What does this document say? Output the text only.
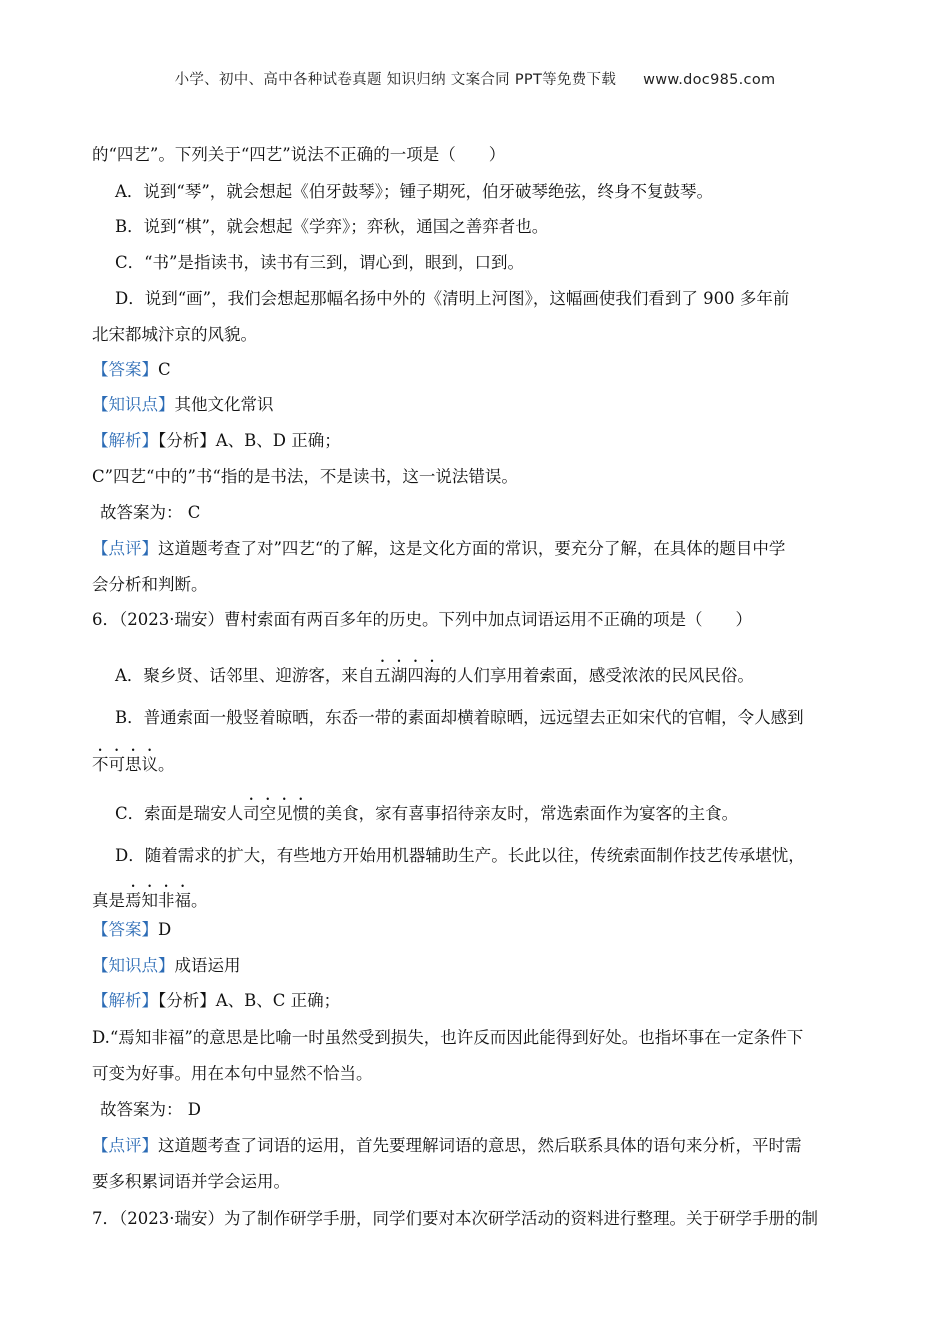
小学、初中、高中各种试卷真题 知识归纳 文案合同 PPT等免费下载 www.doc985.com
的“四艺”。下列关于“四艺”说法不正确的一项是（　　）
A．说到“琴”，就会想起《伯牙鼓琴》；锺子期死，伯牙破琴绝弦，终身不复鼓琴。
B．说到“棋”，就会想起《学弈》；弈秋，通国之善弈者也。
C．“书”是指读书，读书有三到，谓心到，眼到，口到。
D．说到“画”，我们会想起那幅名扬中外的《清明上河图》，这幅画使我们看到了 900 多年前
北宋都城汴京的风貌。
【答案】C
【知识点】其他文化常识
【解析】【分析】A、B、D 正确；
C”四艺“中的”书“指的是书法，不是读书，这一说法错误。
故答案为： C
【点评】这道题考查了对”四艺“的了解，这是文化方面的常识，要充分了解，在具体的题目中学
会分析和判断。
6．（2023·瑞安）曹村索面有两百多年的历史。下列中加点词语运用不正确的项是（　　）
A．聚乡贤、话邻里、迎游客，来自五湖四海的人们享用着索面，感受浓浓的民风民俗。
B．普通索面一般竖着晾晒，东岙一带的素面却横着晾晒，远远望去正如宋代的官帽，令人感到
不可思议。
C．索面是瑞安人司空见惯的美食，家有喜事招待亲友时，常选索面作为宴客的主食。
D．随着需求的扩大，有些地方开始用机器辅助生产。长此以往，传统索面制作技艺传承堪忧，
真是焉知非福。
【答案】D
【知识点】成语运用
【解析】【分析】A、B、C 正确；
D.“焉知非福”的意思是比喻一时虽然受到损失，也许反而因此能得到好处。也指坏事在一定条件下
可变为好事。用在本句中显然不恰当。
故答案为： D
【点评】这道题考查了词语的运用，首先要理解词语的意思，然后联系具体的语句来分析，平时需
要多积累词语并学会运用。
7．（2023·瑞安）为了制作研学手册，同学们要对本次研学活动的资料进行整理。关于研学手册的制
